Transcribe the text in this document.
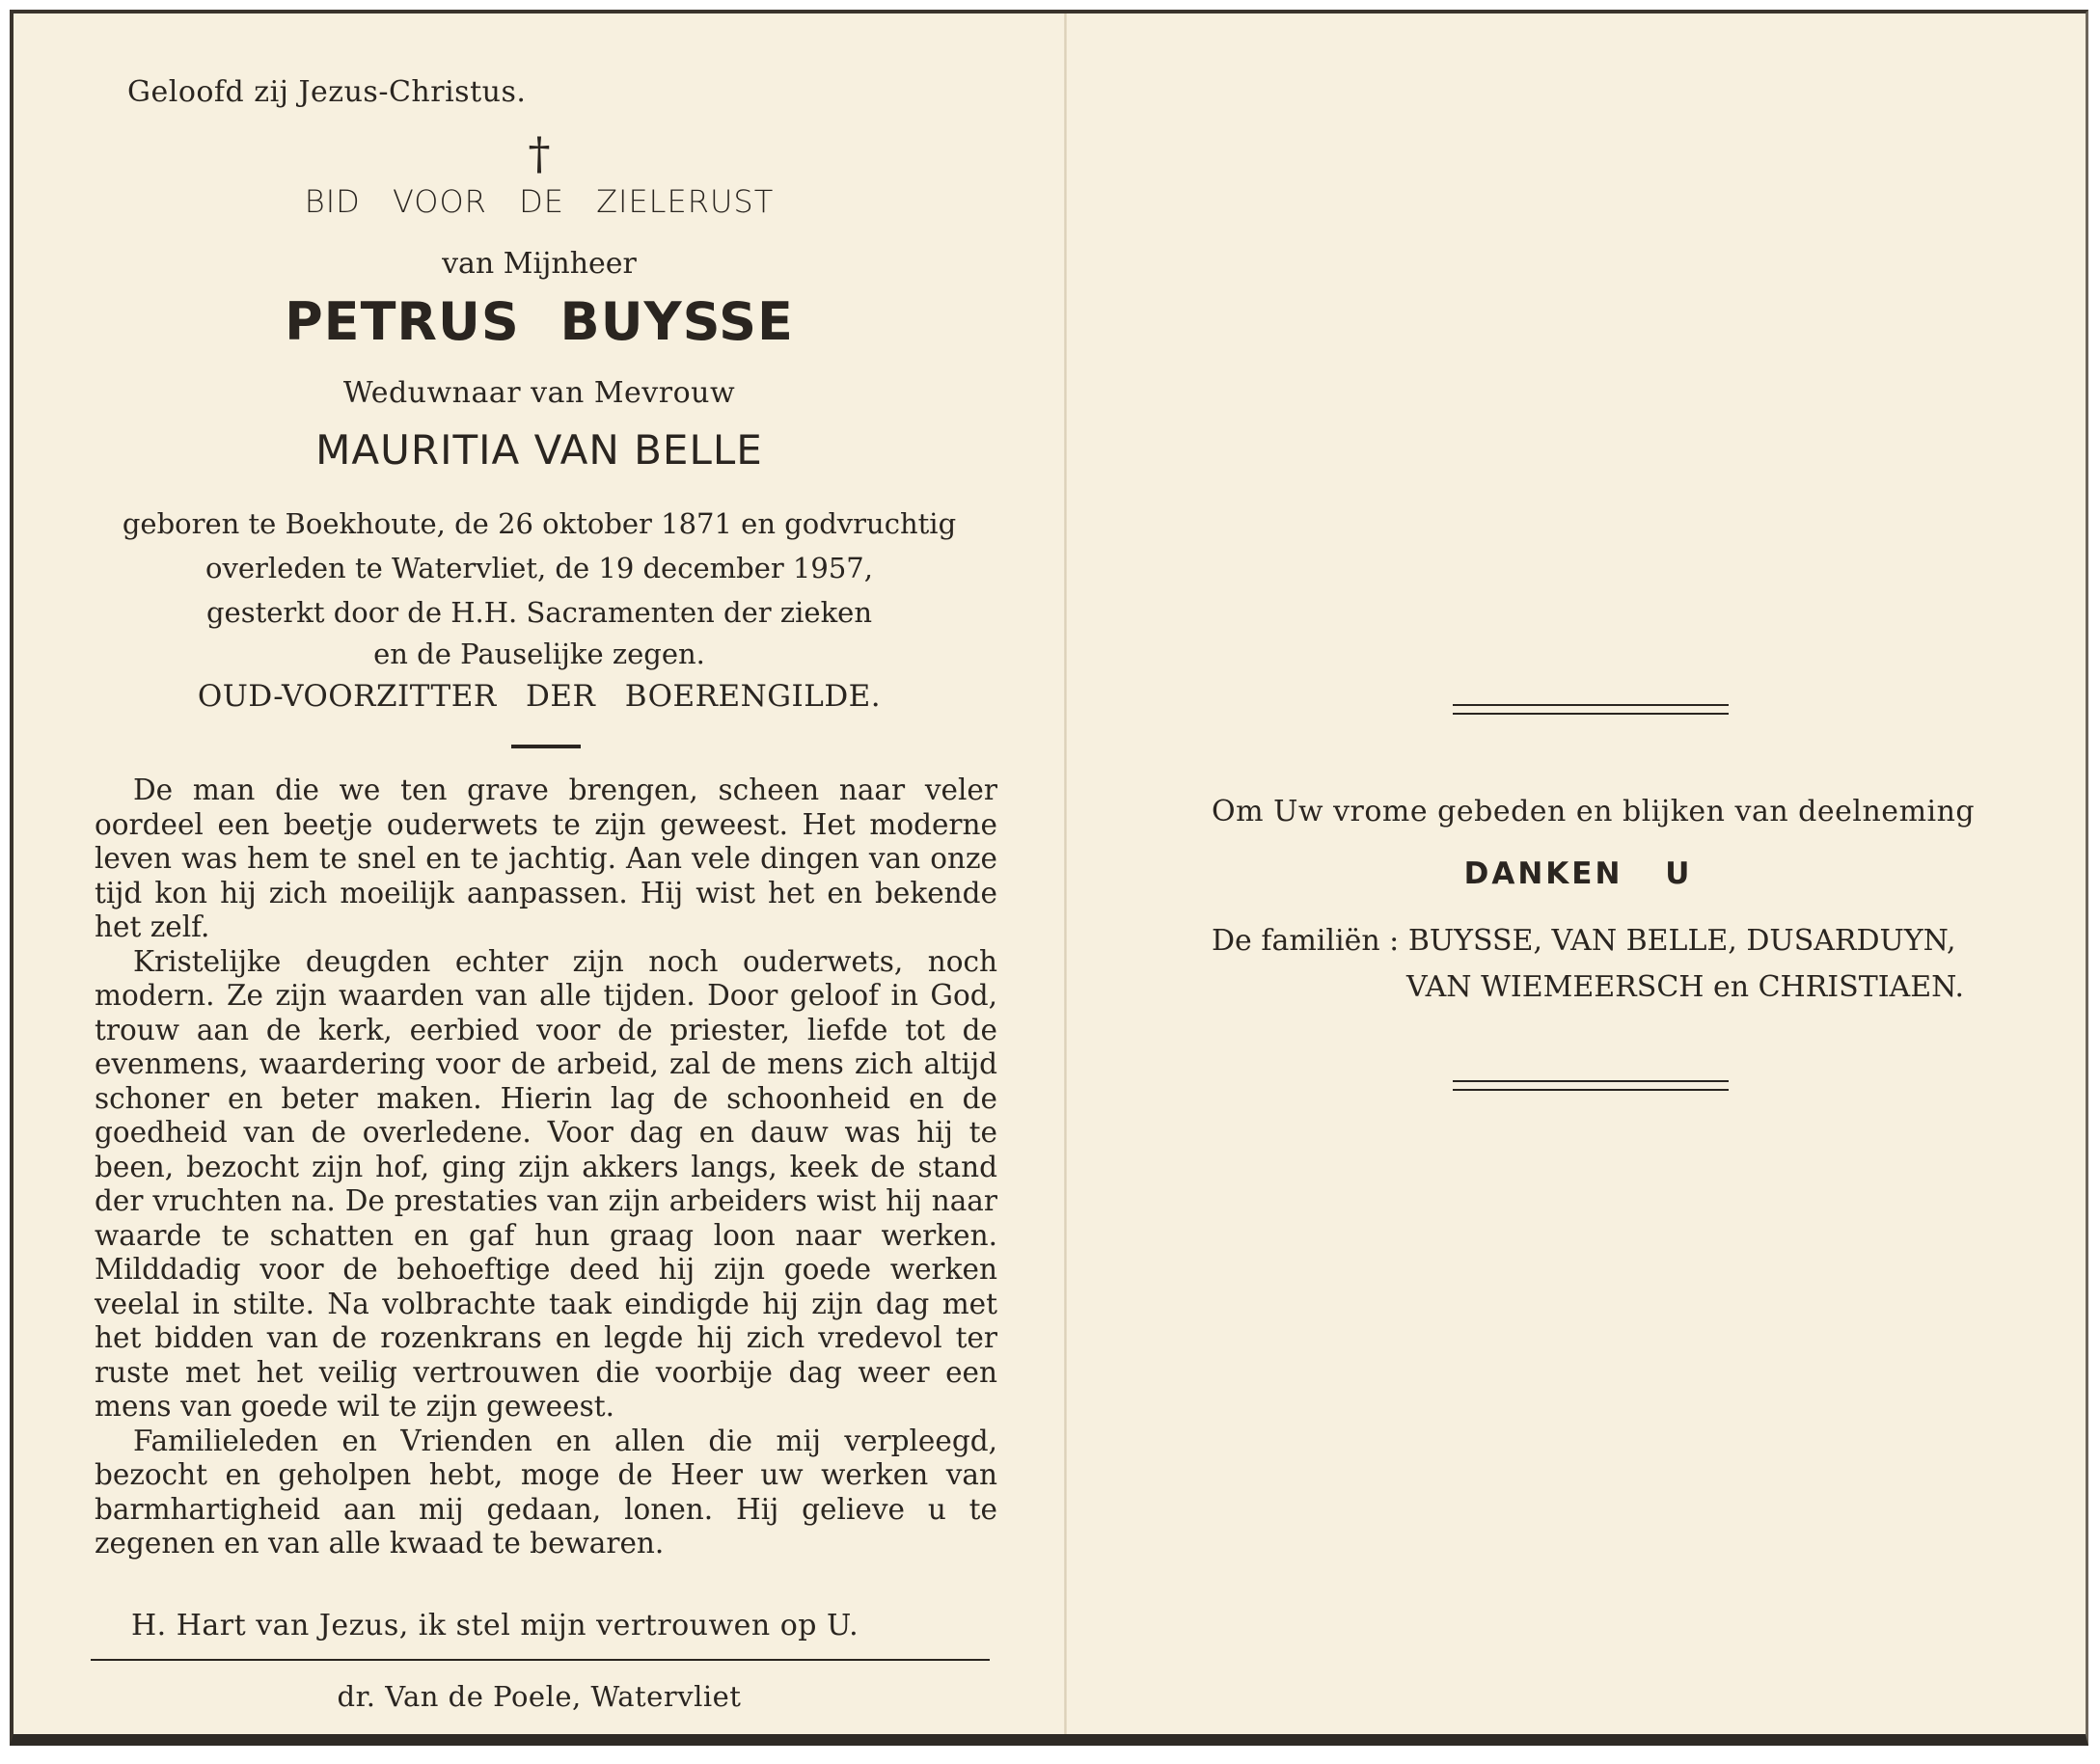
Geloofd zij Jezus-Christus.
†
BID VOOR DE ZIELERUST
van Mijnheer
PETRUS BUYSSE
Weduwnaar van Mevrouw
MAURITIA VAN BELLE
geboren te Boekhoute, de 26 oktober 1871 en godvruchtig
overleden te Watervliet, de 19 december 1957,
gesterkt door de H.H. Sacramenten der zieken
en de Pauselijke zegen.
OUD-VOORZITTER DER BOERENGILDE.

De man die we ten grave brengen, scheen naar veler oordeel een beetje ouderwets te zijn geweest. Het moderne leven was hem te snel en te jachtig. Aan vele dingen van onze tijd kon hij zich moeilijk aanpassen. Hij wist het en bekende het zelf.

Kristelijke deugden echter zijn noch ouderwets, noch modern. Ze zijn waarden van alle tijden. Door geloof in God, trouw aan de kerk, eerbied voor de priester, liefde tot de evenmens, waardering voor de arbeid, zal de mens zich altijd schoner en beter maken. Hierin lag de schoonheid en de goedheid van de overledene. Voor dag en dauw was hij te been, bezocht zijn hof, ging zijn akkers langs, keek de stand der vruchten na. De prestaties van zijn arbeiders wist hij naar waarde te schatten en gaf hun graag loon naar werken. Milddadig voor de behoeftige deed hij zijn goede werken veelal in stilte. Na volbrachte taak eindigde hij zijn dag met het bidden van de rozenkrans en legde hij zich vredevol ter ruste met het veilig vertrouwen die voorbije dag weer een mens van goede wil te zijn geweest.

Familieleden en Vrienden en allen die mij verpleegd, bezocht en geholpen hebt, moge de Heer uw werken van barmhartigheid aan mij gedaan, lonen. Hij gelieve u te zegenen en van alle kwaad te bewaren.

H. Hart van Jezus, ik stel mijn vertrouwen op U.
dr. Van de Poele, Watervliet
Om Uw vrome gebeden en blijken van deelneming
DANKEN U
De familiën : BUYSSE, VAN BELLE, DUSARDUYN,
VAN WIEMEERSCH en CHRISTIAEN.
